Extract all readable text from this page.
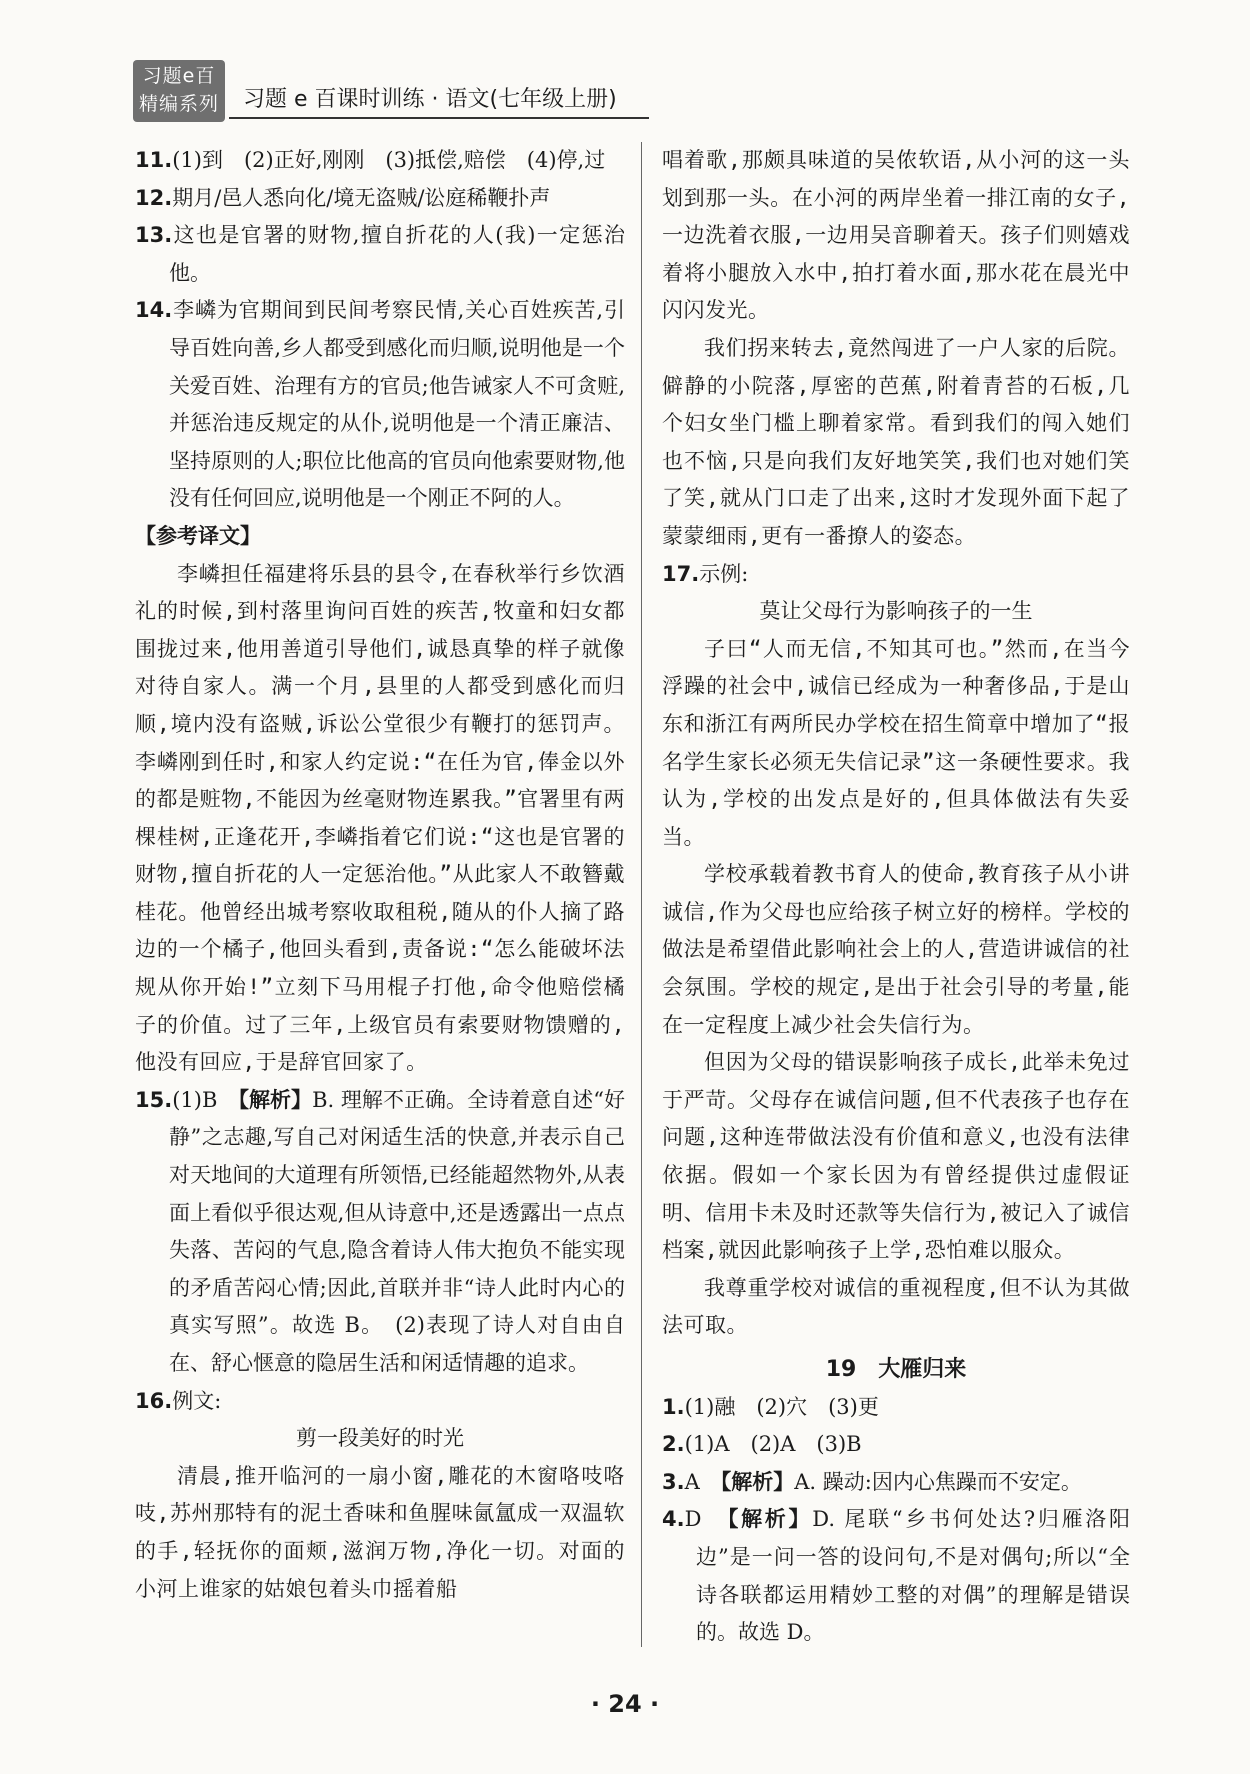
习题e百
精编系列 习题 e 百课时训练 · 语文(七年级上册)

11.(1)到　(2)正好,刚刚　(3)抵偿,赔偿　(4)停,过

12.期月/邑人悉向化/境无盗贼/讼庭稀鞭扑声

13.这也是官署的财物,擅自折花的人(我)一定惩治他。

14.李嶙为官期间到民间考察民情,关心百姓疾苦,引导百姓向善,乡人都受到感化而归顺,说明他是一个关爱百姓、治理有方的官员;他告诫家人不可贪赃,并惩治违反规定的从仆,说明他是一个清正廉洁、坚持原则的人;职位比他高的官员向他索要财物,他没有任何回应,说明他是一个刚正不阿的人。

【参考译文】

李嶙担任福建将乐县的县令,在春秋举行乡饮酒礼的时候,到村落里询问百姓的疾苦,牧童和妇女都围拢过来,他用善道引导他们,诚恳真挚的样子就像对待自家人。满一个月,县里的人都受到感化而归顺,境内没有盗贼,诉讼公堂很少有鞭打的惩罚声。李嶙刚到任时,和家人约定说:“在任为官,俸金以外的都是赃物,不能因为丝毫财物连累我。”官署里有两棵桂树,正逢花开,李嶙指着它们说:“这也是官署的财物,擅自折花的人一定惩治他。”从此家人不敢簪戴桂花。他曾经出城考察收取租税,随从的仆人摘了路边的一个橘子,他回头看到,责备说:“怎么能破坏法规从你开始!”立刻下马用棍子打他,命令他赔偿橘子的价值。过了三年,上级官员有索要财物馈赠的,他没有回应,于是辞官回家了。

15.(1)B　 【解析】B. 理解不正确。全诗着意自述“好静”之志趣,写自己对闲适生活的快意,并表示自己对天地间的大道理有所领悟,已经能超然物外,从表面上看似乎很达观,但从诗意中,还是透露出一点点失落、苦闷的气息,隐含着诗人伟大抱负不能实现的矛盾苦闷心情;因此,首联并非“诗人此时内心的真实写照”。故选 B。　(2)表现了诗人对自由自在、舒心惬意的隐居生活和闲适情趣的追求。

16.例文:

剪一段美好的时光

清晨,推开临河的一扇小窗,雕花的木窗咯吱咯吱,苏州那特有的泥土香味和鱼腥味氤氲成一双温软的手,轻抚你的面颊,滋润万物,净化一切。对面的小河上谁家的姑娘包着头巾摇着船

唱着歌,那颇具味道的吴侬软语,从小河的这一头划到那一头。在小河的两岸坐着一排江南的女子,一边洗着衣服,一边用吴音聊着天。孩子们则嬉戏着将小腿放入水中,拍打着水面,那水花在晨光中闪闪发光。

我们拐来转去,竟然闯进了一户人家的后院。僻静的小院落,厚密的芭蕉,附着青苔的石板,几个妇女坐门槛上聊着家常。看到我们的闯入她们也不恼,只是向我们友好地笑笑,我们也对她们笑了笑,就从门口走了出来,这时才发现外面下起了蒙蒙细雨,更有一番撩人的姿态。

17.示例:

莫让父母行为影响孩子的一生

子曰“人而无信,不知其可也。”然而,在当今浮躁的社会中,诚信已经成为一种奢侈品,于是山东和浙江有两所民办学校在招生简章中增加了“报名学生家长必须无失信记录”这一条硬性要求。我认为,学校的出发点是好的,但具体做法有失妥当。

学校承载着教书育人的使命,教育孩子从小讲诚信,作为父母也应给孩子树立好的榜样。学校的做法是希望借此影响社会上的人,营造讲诚信的社会氛围。学校的规定,是出于社会引导的考量,能在一定程度上减少社会失信行为。

但因为父母的错误影响孩子成长,此举未免过于严苛。父母存在诚信问题,但不代表孩子也存在问题,这种连带做法没有价值和意义,也没有法律依据。假如一个家长因为有曾经提供过虚假证明、信用卡未及时还款等失信行为,被记入了诚信档案,就因此影响孩子上学,恐怕难以服众。

我尊重学校对诚信的重视程度,但不认为其做法可取。

19　大雁归来

1.(1)融　(2)穴　(3)更

2.(1)A　(2)A　(3)B

3.A　 【解析】A. 躁动:因内心焦躁而不安定。

4.D　 【解析】D. 尾联“乡书何处达?归雁洛阳边”是一问一答的设问句,不是对偶句;所以“全诗各联都运用精妙工整的对偶”的理解是错误的。故选 D。

· 24 ·
